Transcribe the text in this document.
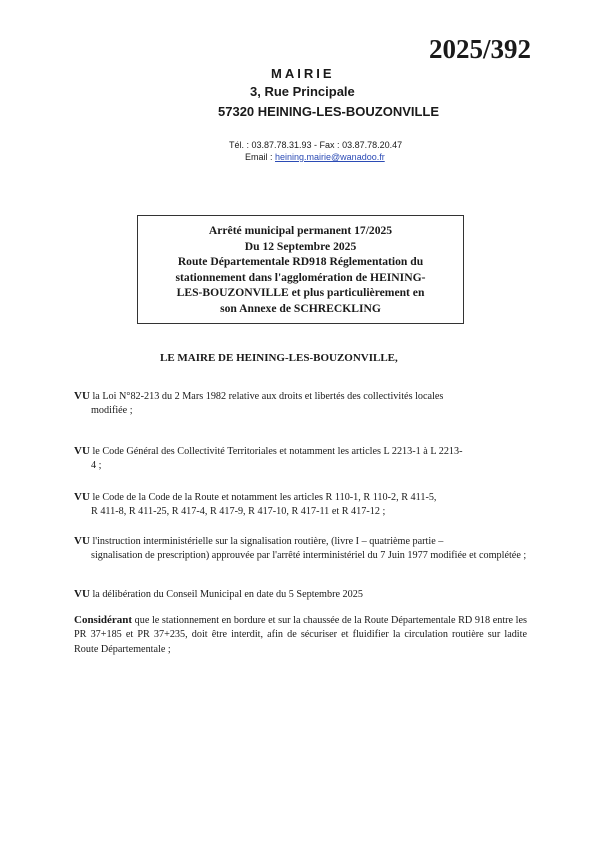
2025/392
MAIRIE
3, Rue Principale
57320 HEINING-LES-BOUZONVILLE
Tél. : 03.87.78.31.93 - Fax : 03.87.78.20.47
Email : heining.mairie@wanadoo.fr
Arrêté municipal permanent 17/2025
Du 12 Septembre 2025
Route Départementale RD918 Réglementation du
stationnement dans l'agglomération de HEINING-
LES-BOUZONVILLE et plus particulièrement en
son Annexe de SCHRECKLING
LE MAIRE DE HEINING-LES-BOUZONVILLE,
VU la Loi N°82-213 du 2 Mars 1982 relative aux droits et libertés des collectivités locales
modifiée ;
VU le Code Général des Collectivité Territoriales et notamment les articles L 2213-1 à L 2213-
4 ;
VU le Code de la Code de la Route et notamment les articles R 110-1, R 110-2, R 411-5,
R 411-8, R 411-25, R 417-4, R 417-9, R 417-10, R 417-11 et R 417-12 ;
VU l'instruction interministérielle sur la signalisation routière, (livre I – quatrième partie –
signalisation de prescription) approuvée par l'arrêté interministériel du 7 Juin 1977 modifiée et complétée ;
VU la délibération du Conseil Municipal en date du 5 Septembre 2025
Considérant que le stationnement en bordure et sur la chaussée de la Route Départementale RD 918 entre les PR 37+185 et PR 37+235, doit être interdit, afin de sécuriser et fluidifier la circulation routière sur ladite Route Départementale ;
